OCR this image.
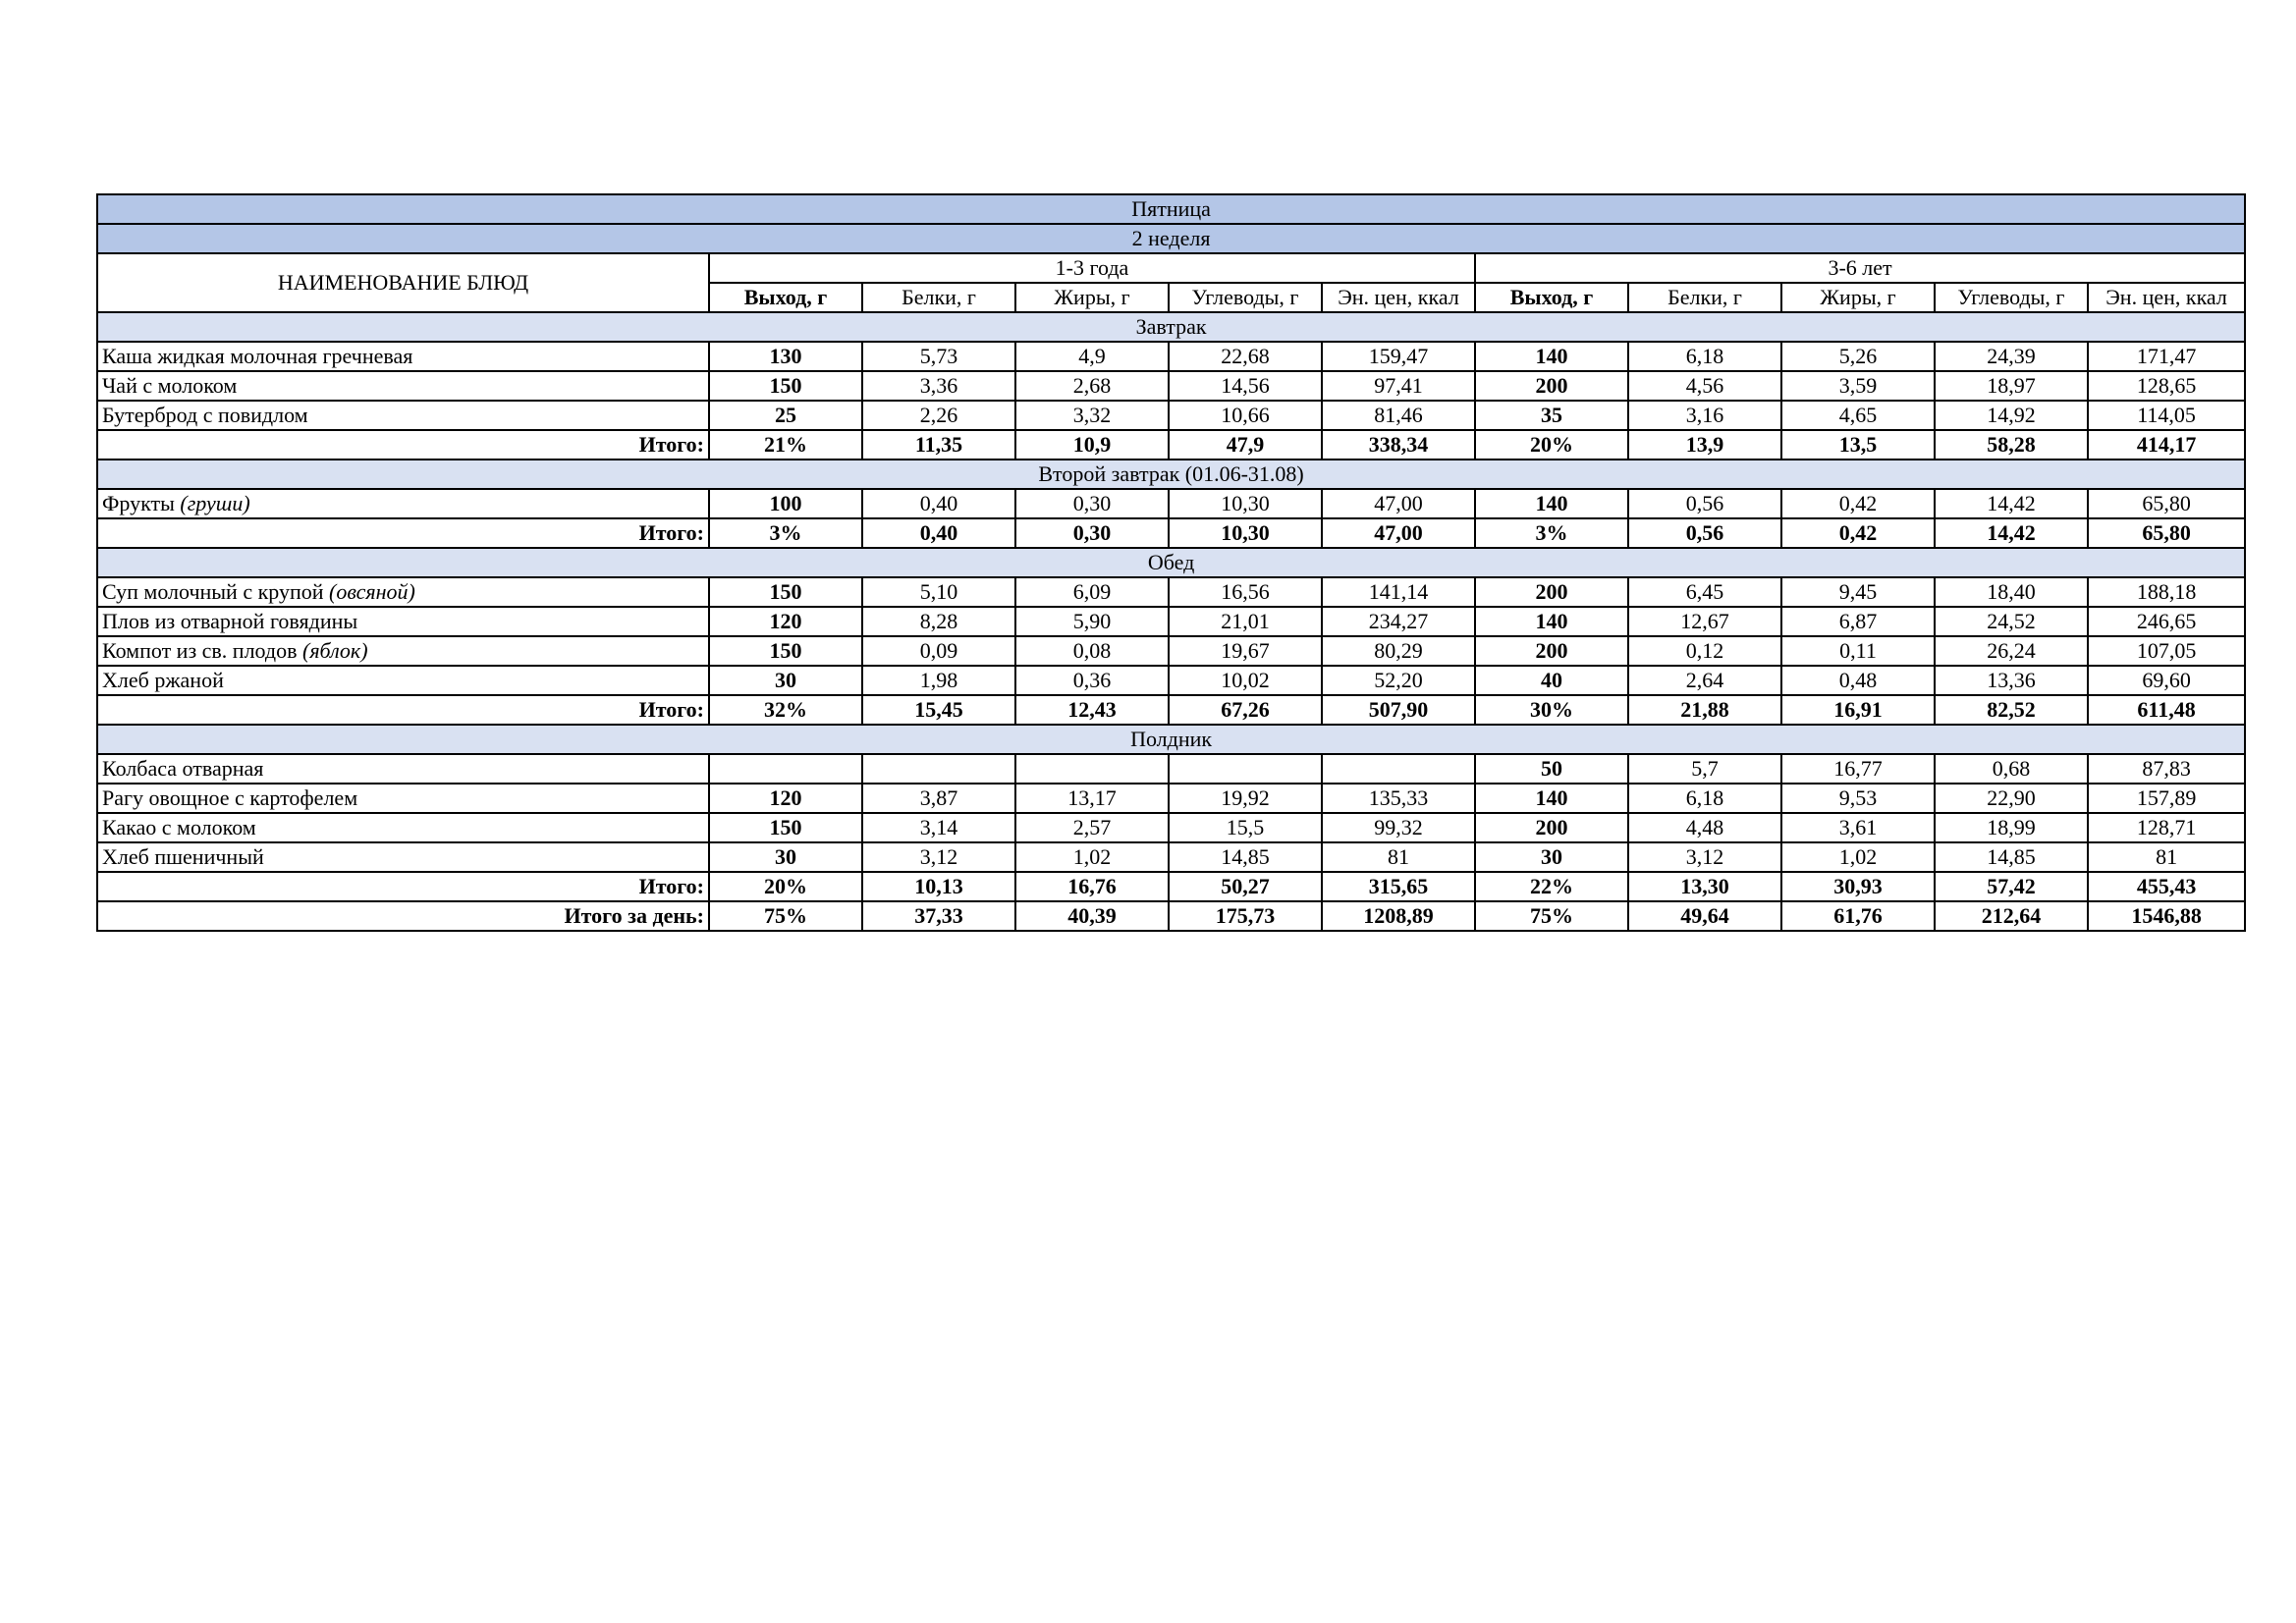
Пятница										
2 неделя										
НАИМЕНОВАНИЕ БЛЮД	1-3 года					3-6 лет				
	Выход, г	Белки, г	Жиры, г	Углеводы, г	Эн. цен, ккал	Выход, г	Белки, г	Жиры, г	Углеводы, г	Эн. цен, ккал
Завтрак										
Каша жидкая молочная гречневая	130	5,73	4,9	22,68	159,47	140	6,18	5,26	24,39	171,47
Чай с молоком	150	3,36	2,68	14,56	97,41	200	4,56	3,59	18,97	128,65
Бутерброд с повидлом	25	2,26	3,32	10,66	81,46	35	3,16	4,65	14,92	114,05
Итого:	21%	11,35	10,9	47,9	338,34	20%	13,9	13,5	58,28	414,17
Второй завтрак (01.06-31.08)										
Фрукты (груши)	100	0,40	0,30	10,30	47,00	140	0,56	0,42	14,42	65,80
Итого:	3%	0,40	0,30	10,30	47,00	3%	0,56	0,42	14,42	65,80
Обед										
Суп молочный с крупой (овсяной)	150	5,10	6,09	16,56	141,14	200	6,45	9,45	18,40	188,18
Плов из отварной говядины	120	8,28	5,90	21,01	234,27	140	12,67	6,87	24,52	246,65
Компот из св. плодов (яблок)	150	0,09	0,08	19,67	80,29	200	0,12	0,11	26,24	107,05
Хлеб ржаной	30	1,98	0,36	10,02	52,20	40	2,64	0,48	13,36	69,60
Итого:	32%	15,45	12,43	67,26	507,90	30%	21,88	16,91	82,52	611,48
Полдник										
Колбаса отварная						50	5,7	16,77	0,68	87,83
Рагу овощное с картофелем	120	3,87	13,17	19,92	135,33	140	6,18	9,53	22,90	157,89
Какао с молоком	150	3,14	2,57	15,5	99,32	200	4,48	3,61	18,99	128,71
Хлеб пшеничный	30	3,12	1,02	14,85	81	30	3,12	1,02	14,85	81
Итого:	20%	10,13	16,76	50,27	315,65	22%	13,30	30,93	57,42	455,43
Итого за день:	75%	37,33	40,39	175,73	1208,89	75%	49,64	61,76	212,64	1546,88
